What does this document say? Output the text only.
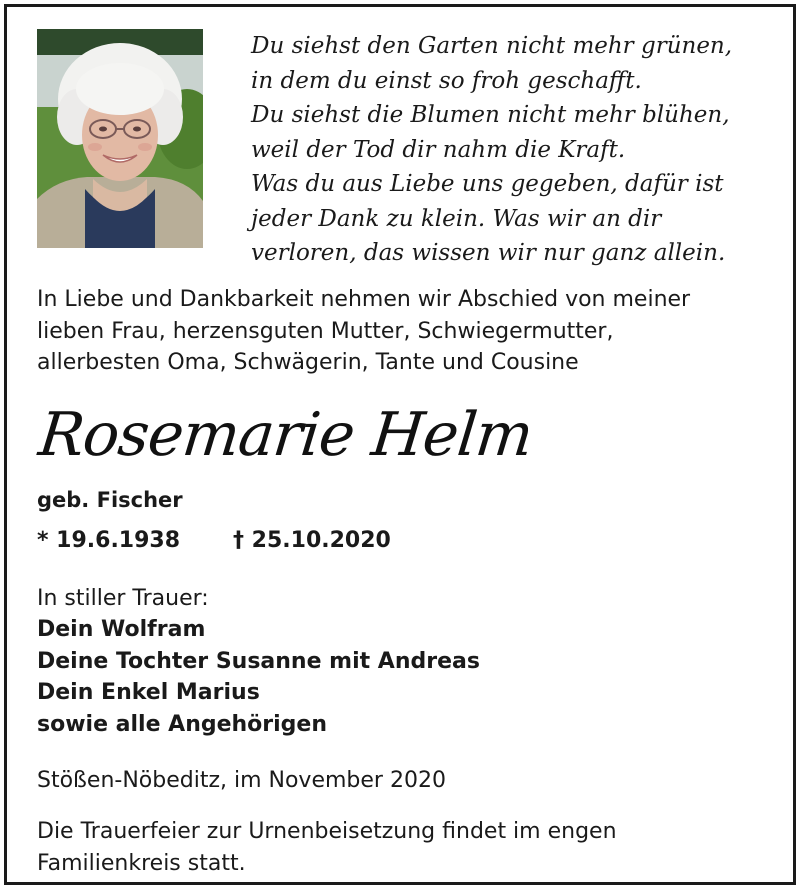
Du siehst den Garten nicht mehr grünen,
in dem du einst so froh geschafft.
Du siehst die Blumen nicht mehr blühen,
weil der Tod dir nahm die Kraft.
Was du aus Liebe uns gegeben, dafür ist
jeder Dank zu klein. Was wir an dir
verloren, das wissen wir nur ganz allein.
In Liebe und Dankbarkeit nehmen wir Abschied von meiner
lieben Frau, herzensguten Mutter, Schwiegermutter,
allerbesten Oma, Schwägerin, Tante und Cousine
Rosemarie Helm
geb. Fischer
* 19.6.1938 † 25.10.2020
In stiller Trauer:
Dein Wolfram
Deine Tochter Susanne mit Andreas
Dein Enkel Marius
sowie alle Angehörigen
Stößen-Nöbeditz, im November 2020
Die Trauerfeier zur Urnenbeisetzung findet im engen
Familienkreis statt.
